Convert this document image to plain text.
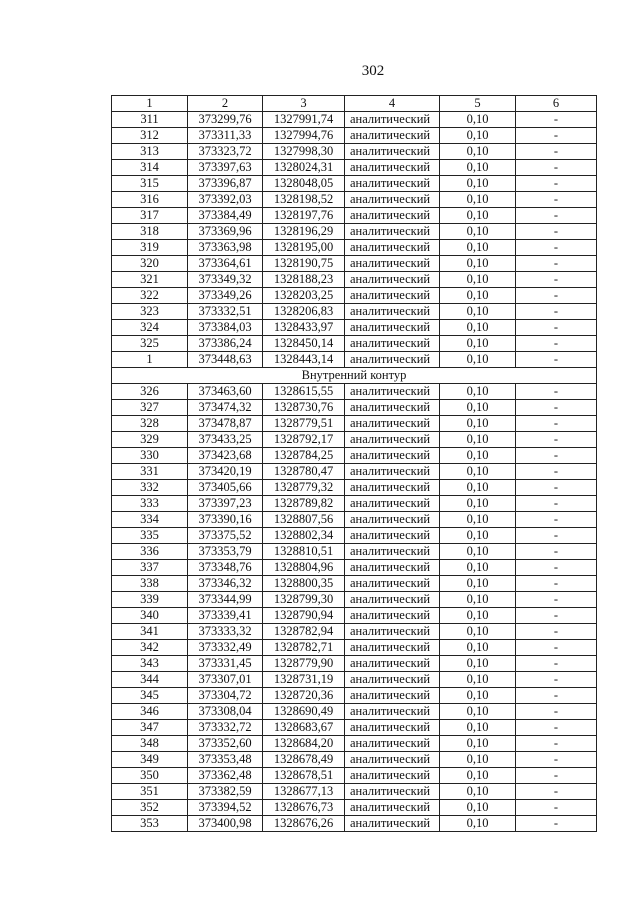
302
1	2	3	4	5	6
311	373299,76	1327991,74	аналитический	0,10	-
312	373311,33	1327994,76	аналитический	0,10	-
313	373323,72	1327998,30	аналитический	0,10	-
314	373397,63	1328024,31	аналитический	0,10	-
315	373396,87	1328048,05	аналитический	0,10	-
316	373392,03	1328198,52	аналитический	0,10	-
317	373384,49	1328197,76	аналитический	0,10	-
318	373369,96	1328196,29	аналитический	0,10	-
319	373363,98	1328195,00	аналитический	0,10	-
320	373364,61	1328190,75	аналитический	0,10	-
321	373349,32	1328188,23	аналитический	0,10	-
322	373349,26	1328203,25	аналитический	0,10	-
323	373332,51	1328206,83	аналитический	0,10	-
324	373384,03	1328433,97	аналитический	0,10	-
325	373386,24	1328450,14	аналитический	0,10	-
1	373448,63	1328443,14	аналитический	0,10	-
Внутренний контур					
326	373463,60	1328615,55	аналитический	0,10	-
327	373474,32	1328730,76	аналитический	0,10	-
328	373478,87	1328779,51	аналитический	0,10	-
329	373433,25	1328792,17	аналитический	0,10	-
330	373423,68	1328784,25	аналитический	0,10	-
331	373420,19	1328780,47	аналитический	0,10	-
332	373405,66	1328779,32	аналитический	0,10	-
333	373397,23	1328789,82	аналитический	0,10	-
334	373390,16	1328807,56	аналитический	0,10	-
335	373375,52	1328802,34	аналитический	0,10	-
336	373353,79	1328810,51	аналитический	0,10	-
337	373348,76	1328804,96	аналитический	0,10	-
338	373346,32	1328800,35	аналитический	0,10	-
339	373344,99	1328799,30	аналитический	0,10	-
340	373339,41	1328790,94	аналитический	0,10	-
341	373333,32	1328782,94	аналитический	0,10	-
342	373332,49	1328782,71	аналитический	0,10	-
343	373331,45	1328779,90	аналитический	0,10	-
344	373307,01	1328731,19	аналитический	0,10	-
345	373304,72	1328720,36	аналитический	0,10	-
346	373308,04	1328690,49	аналитический	0,10	-
347	373332,72	1328683,67	аналитический	0,10	-
348	373352,60	1328684,20	аналитический	0,10	-
349	373353,48	1328678,49	аналитический	0,10	-
350	373362,48	1328678,51	аналитический	0,10	-
351	373382,59	1328677,13	аналитический	0,10	-
352	373394,52	1328676,73	аналитический	0,10	-
353	373400,98	1328676,26	аналитический	0,10	-
